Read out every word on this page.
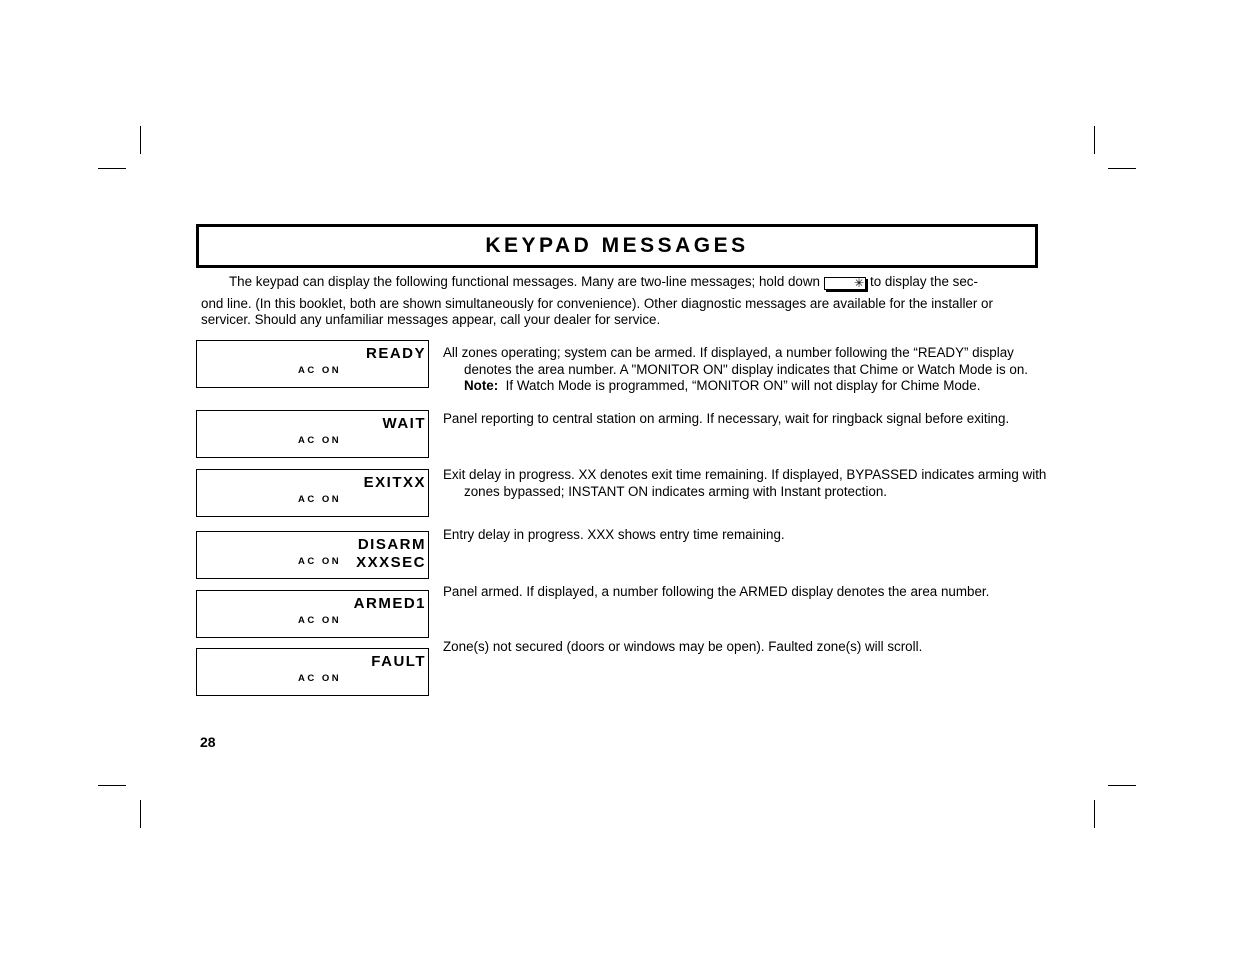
KEYPAD MESSAGES
The keypad can display the following functional messages. Many are two-line messages; hold down	✳ to display the sec-
ond line. (In this booklet, both are shown simultaneously for convenience). Other diagnostic messages are available for the installer or servicer. Should any unfamiliar messages appear, call your dealer for service.
READY
AC ON
All zones operating; system can be armed. If displayed, a number following the “READY” display denotes the area number. A "MONITOR ON" display indicates that Chime or Watch Mode is on.  Note: If Watch Mode is programmed, “MONITOR ON” will not display for Chime Mode.
WAIT
AC ON
Panel reporting to central station on arming. If necessary, wait for ringback signal before exiting.
EXITXX
AC ON
Exit delay in progress. XX denotes exit time remaining. If displayed, BYPASSED indicates arming with zones bypassed; INSTANT ON indicates arming with Instant protection.
DISARM
XXXSEC
AC ON
Entry delay in progress. XXX shows entry time remaining.
ARMED1
AC ON
Panel armed. If displayed, a number following the ARMED display denotes the area number.
FAULT
AC ON
Zone(s) not secured (doors or windows may be open). Faulted zone(s) will scroll.
28
